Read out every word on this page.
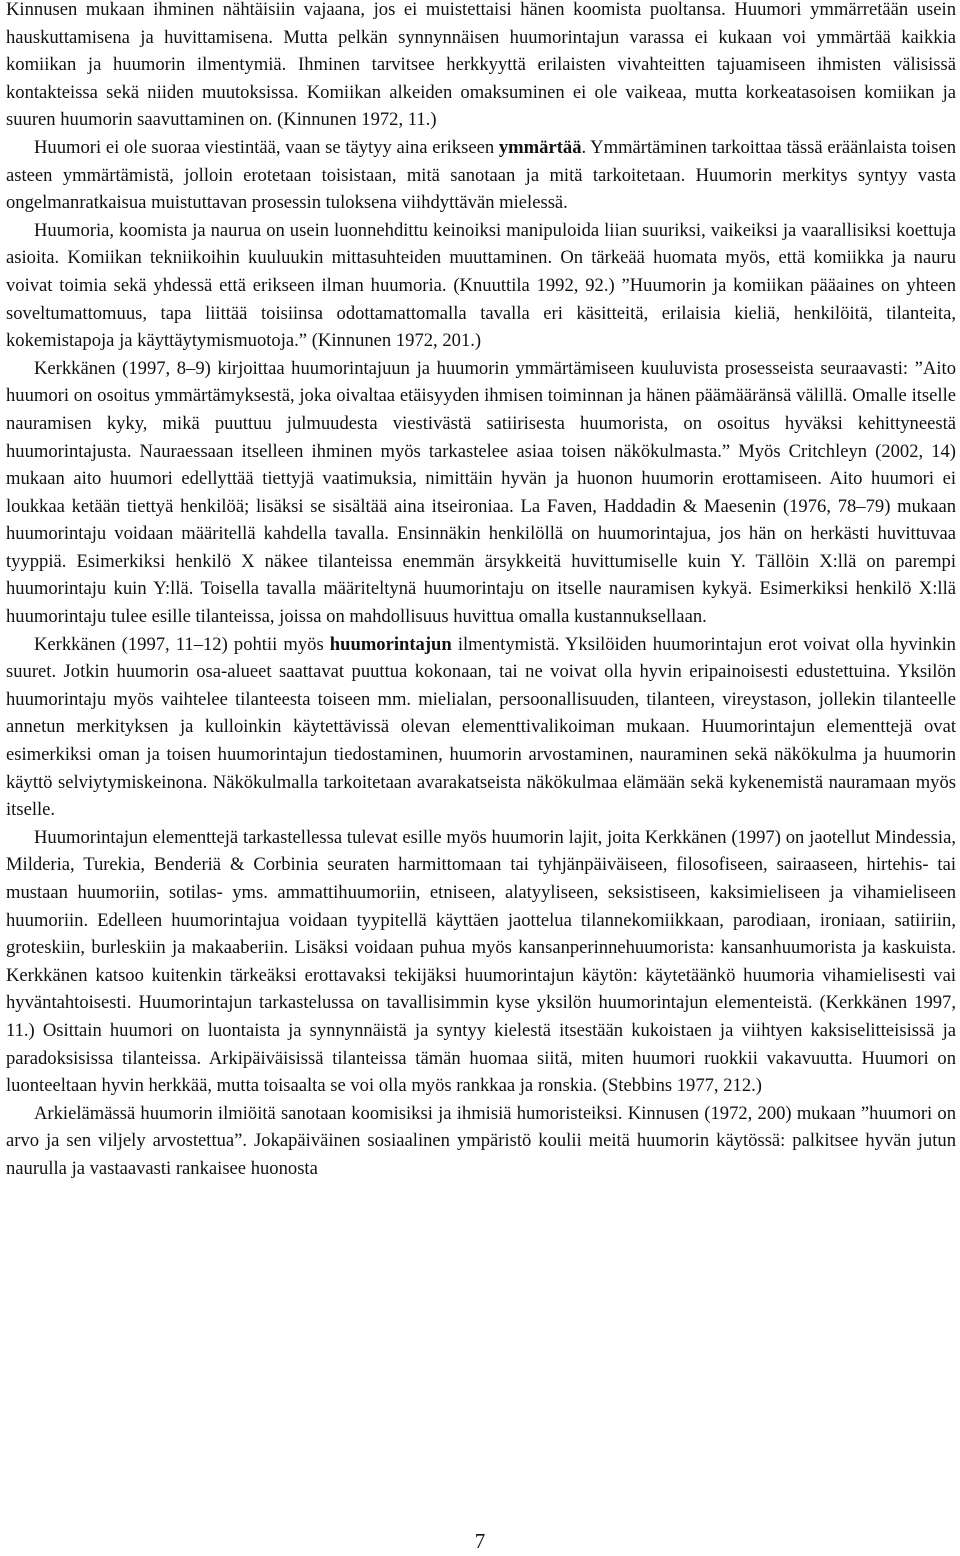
Kinnusen mukaan ihminen nähtäisiin vajaana, jos ei muistettaisi hänen koomista puoltansa. Huumori ymmärretään usein hauskuttamisena ja huvittamisena. Mutta pelkän synnynnäisen huumorintajun varassa ei kukaan voi ymmärtää kaikkia komiikan ja huumorin ilmentymiä. Ihminen tarvitsee herkkyyttä erilaisten vivahteitten tajuamiseen ihmisten välisissä kontakteissa sekä niiden muutoksissa. Komiikan alkeiden omaksuminen ei ole vaikeaa, mutta korkeatasoisen komiikan ja suuren huumorin saavuttaminen on. (Kinnunen 1972, 11.)

Huumori ei ole suoraa viestintää, vaan se täytyy aina erikseen ymmärtää. Ymmärtäminen tarkoittaa tässä eräänlaista toisen asteen ymmärtämistä, jolloin erotetaan toisistaan, mitä sanotaan ja mitä tarkoitetaan. Huumorin merkitys syntyy vasta ongelmanratkaisua muistuttavan prosessin tuloksena viihdyttävän mielessä.

Huumoria, koomista ja naurua on usein luonnehdittu keinoiksi manipuloida liian suuriksi, vaikeiksi ja vaarallisiksi koettuja asioita. Komiikan tekniikoihin kuuluukin mittasuhteiden muuttaminen. On tärkeää huomata myös, että komiikka ja nauru voivat toimia sekä yhdessä että erikseen ilman huumoria. (Knuuttila 1992, 92.) ”Huumorin ja komiikan pääaines on yhteen soveltumattomuus, tapa liittää toisiinsa odottamattomalla tavalla eri käsitteitä, erilaisia kieliä, henkilöitä, tilanteita, kokemistapoja ja käyttäytymismuotoja.” (Kinnunen 1972, 201.)

Kerkkänen (1997, 8–9) kirjoittaa huumorintajuun ja huumorin ymmärtämiseen kuuluvista prosesseista seuraavasti: ”Aito huumori on osoitus ymmärtämyksestä, joka oivaltaa etäisyyden ihmisen toiminnan ja hänen päämääränsä välillä. Omalle itselle nauramisen kyky, mikä puuttuu julmuudesta viestivästä satiirisesta huumorista, on osoitus hyväksi kehittyneestä huumorintajusta. Nauraessaan itselleen ihminen myös tarkastelee asiaa toisen näkökulmasta.” Myös Critchleyn (2002, 14) mukaan aito huumori edellyttää tiettyjä vaatimuksia, nimittäin hyvän ja huonon huumorin erottamiseen. Aito huumori ei loukkaa ketään tiettyä henkilöä; lisäksi se sisältää aina itseironiaa. La Faven, Haddadin & Maesenin (1976, 78–79) mukaan huumorintaju voidaan määritellä kahdella tavalla. Ensinnäkin henkilöllä on huumorintajua, jos hän on herkästi huvittuvaa tyyppiä. Esimerkiksi henkilö X näkee tilanteissa enemmän ärsykkeitä huvittumiselle kuin Y. Tällöin X:llä on parempi huumorintaju kuin Y:llä. Toisella tavalla määriteltynä huumorintaju on itselle nauramisen kykyä. Esimerkiksi henkilö X:llä huumorintaju tulee esille tilanteissa, joissa on mahdollisuus huvittua omalla kustannuksellaan.

Kerkkänen (1997, 11–12) pohtii myös huumorintajun ilmentymistä. Yksilöiden huumorintajun erot voivat olla hyvinkin suuret. Jotkin huumorin osa-alueet saattavat puuttua kokonaan, tai ne voivat olla hyvin eripainoisesti edustettuina. Yksilön huumorintaju myös vaihtelee tilanteesta toiseen mm. mielialan, persoonallisuuden, tilanteen, vireystason, jollekin tilanteelle annetun merkityksen ja kulloinkin käytettävissä olevan elementtivalikoiman mukaan. Huumorintajun elementtejä ovat esimerkiksi oman ja toisen huumorintajun tiedostaminen, huumorin arvostaminen, nauraminen sekä näkökulma ja huumorin käyttö selviytymiskeinona. Näkökulmalla tarkoitetaan avarakatseista näkökulmaa elämään sekä kykenemistä nauramaan myös itselle.

Huumorintajun elementtejä tarkastellessa tulevat esille myös huumorin lajit, joita Kerkkänen (1997) on jaotellut Mindessia, Milderia, Turekia, Benderiä & Corbinia seuraten harmittomaan tai tyhjänpäiväiseen, filosofiseen, sairaaseen, hirtehis- tai mustaan huumoriin, sotilas- yms. ammattihuumoriin, etniseen, alatyyliseen, seksistiseen, kaksimieliseen ja vihamieliseen huumoriin. Edelleen huumorintajua voidaan tyypitellä käyttäen jaottelua tilannekomiikkaan, parodiaan, ironiaan, satiiriin, groteskiin, burleskiin ja makaaberiin. Lisäksi voidaan puhua myös kansanperinnehuumorista: kansanhuumorista ja kaskuista. Kerkkänen katsoo kuitenkin tärkeäksi erottavaksi tekijäksi huumorintajun käytön: käytetäänkö huumoria vihamielisesti vai hyväntahtoisesti. Huumorintajun tarkastelussa on tavallisimmin kyse yksilön huumorintajun elementeistä. (Kerkkänen 1997, 11.) Osittain huumori on luontaista ja synnynnäistä ja syntyy kielestä itsestään kukoistaen ja viihtyen kaksiselitteisissä ja paradoksisissa tilanteissa. Arkipäiväisissä tilanteissa tämän huomaa siitä, miten huumori ruokkii vakavuutta. Huumori on luonteeltaan hyvin herkkää, mutta toisaalta se voi olla myös rankkaa ja ronskia. (Stebbins 1977, 212.)

Arkielämässä huumorin ilmiöitä sanotaan koomisiksi ja ihmisiä humoristeiksi. Kinnusen (1972, 200) mukaan ”huumori on arvo ja sen viljely arvostettua”. Jokapäiväinen sosiaalinen ympäristö koulii meitä huumorin käytössä: palkitsee hyvän jutun naurulla ja vastaavasti rankaisee huonosta

7
